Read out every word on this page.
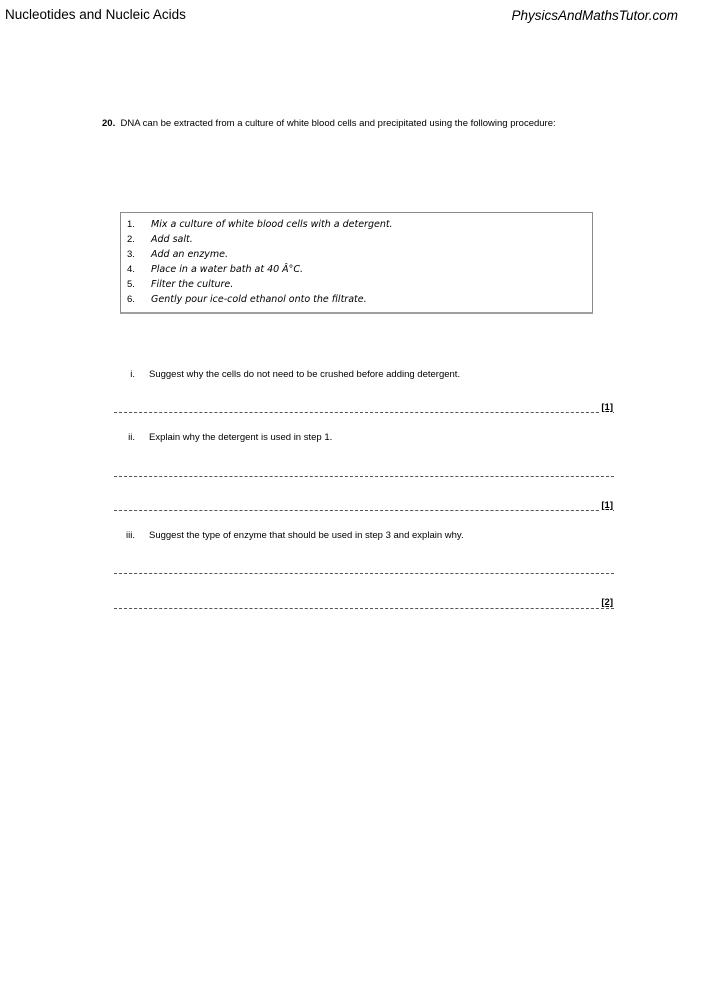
Nucleotides and Nucleic Acids	PhysicsAndMathsTutor.com
20. DNA can be extracted from a culture of white blood cells and precipitated using the following procedure:
1.	Mix a culture of white blood cells with a detergent.
2.	Add salt.
3.	Add an enzyme.
4.	Place in a water bath at 40 Â°C.
5.	Filter the culture.
6.	Gently pour ice-cold ethanol onto the filtrate.
i. Suggest why the cells do not need to be crushed before adding detergent.
[1]
ii. Explain why the detergent is used in step 1.
[1]
iii. Suggest the type of enzyme that should be used in step 3 and explain why.
[2]
